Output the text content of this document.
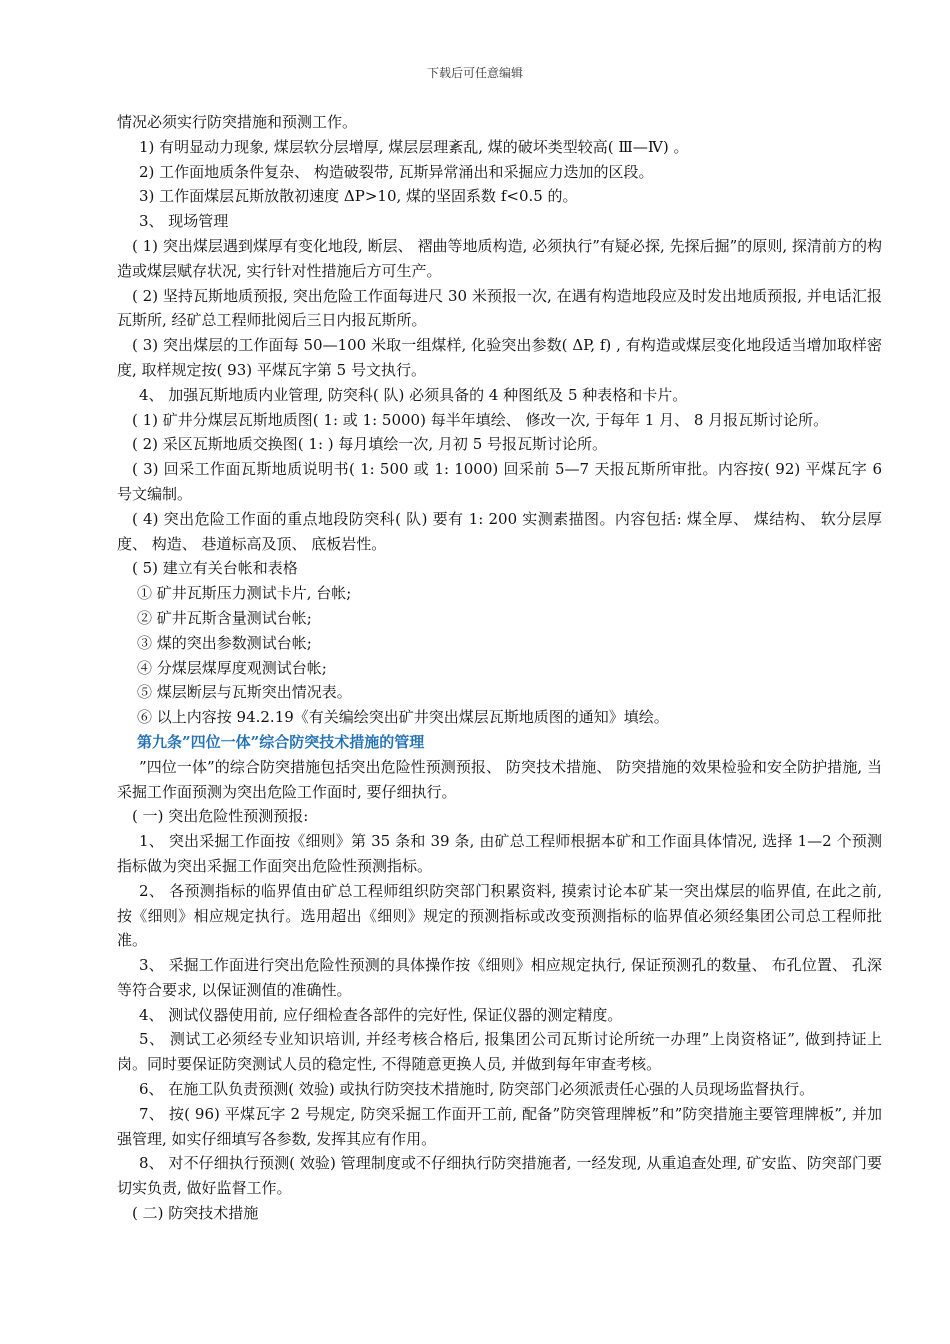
下载后可任意编辑

情况必须实行防突措施和预测工作。

1) 有明显动力现象, 煤层软分层增厚, 煤层层理紊乱, 煤的破坏类型较高( Ⅲ—Ⅳ) 。

2) 工作面地质条件复杂、 构造破裂带, 瓦斯异常涌出和采掘应力迭加的区段。

3) 工作面煤层瓦斯放散初速度 ΔP>10, 煤的坚固系数 f<0.5 的。

3、 现场管理

( 1) 突出煤层遇到煤厚有变化地段, 断层、 褶曲等地质构造, 必须执行”有疑必探, 先探后掘”的原则, 探清前方的构造或煤层赋存状况, 实行针对性措施后方可生产。

( 2) 坚持瓦斯地质预报, 突出危险工作面每进尺 30 米预报一次, 在遇有构造地段应及时发出地质预报, 并电话汇报瓦斯所, 经矿总工程师批阅后三日内报瓦斯所。

( 3) 突出煤层的工作面每 50—100 米取一组煤样, 化验突出参数( ΔP, f) , 有构造或煤层变化地段适当增加取样密度, 取样规定按( 93) 平煤瓦字第 5 号文执行。

4、 加强瓦斯地质内业管理, 防突科( 队) 必须具备的 4 种图纸及 5 种表格和卡片。

( 1) 矿井分煤层瓦斯地质图( 1: 或 1: 5000) 每半年填绘、 修改一次, 于每年 1 月、 8 月报瓦斯讨论所。

( 2) 采区瓦斯地质交换图( 1: ) 每月填绘一次, 月初 5 号报瓦斯讨论所。

( 3) 回采工作面瓦斯地质说明书( 1: 500 或 1: 1000) 回采前 5—7 天报瓦斯所审批。内容按( 92) 平煤瓦字 6 号文编制。

( 4) 突出危险工作面的重点地段防突科( 队) 要有 1: 200 实测素描图。内容包括: 煤全厚、 煤结构、 软分层厚度、 构造、 巷道标高及顶、 底板岩性。

( 5) 建立有关台帐和表格

① 矿井瓦斯压力测试卡片, 台帐;

② 矿井瓦斯含量测试台帐;

③ 煤的突出参数测试台帐;

④ 分煤层煤厚度观测试台帐;

⑤ 煤层断层与瓦斯突出情况表。

⑥ 以上内容按 94.2.19《有关编绘突出矿井突出煤层瓦斯地质图的通知》填绘。

第九条”四位一体”综合防突技术措施的管理

”四位一体”的综合防突措施包括突出危险性预测预报、 防突技术措施、 防突措施的效果检验和安全防护措施, 当采掘工作面预测为突出危险工作面时, 要仔细执行。

( 一) 突出危险性预测预报:

1、 突出采掘工作面按《细则》第 35 条和 39 条, 由矿总工程师根据本矿和工作面具体情况, 选择 1—2 个预测指标做为突出采掘工作面突出危险性预测指标。

2、 各预测指标的临界值由矿总工程师组织防突部门积累资料, 摸索讨论本矿某一突出煤层的临界值, 在此之前, 按《细则》相应规定执行。选用超出《细则》规定的预测指标或改变预测指标的临界值必须经集团公司总工程师批准。

3、 采掘工作面进行突出危险性预测的具体操作按《细则》相应规定执行, 保证预测孔的数量、 布孔位置、 孔深等符合要求, 以保证测值的准确性。

4、 测试仪器使用前, 应仔细检查各部件的完好性, 保证仪器的测定精度。

5、 测试工必须经专业知识培训, 并经考核合格后, 报集团公司瓦斯讨论所统一办理”上岗资格证”, 做到持证上岗。同时要保证防突测试人员的稳定性, 不得随意更换人员, 并做到每年审查考核。

6、 在施工队负责预测( 效验) 或执行防突技术措施时, 防突部门必须派责任心强的人员现场监督执行。

7、 按( 96) 平煤瓦字 2 号规定, 防突采掘工作面开工前, 配备”防突管理牌板”和”防突措施主要管理牌板”, 并加强管理, 如实仔细填写各参数, 发挥其应有作用。

8、 对不仔细执行预测( 效验) 管理制度或不仔细执行防突措施者, 一经发现, 从重追查处理, 矿安监、防突部门要切实负责, 做好监督工作。

( 二) 防突技术措施
